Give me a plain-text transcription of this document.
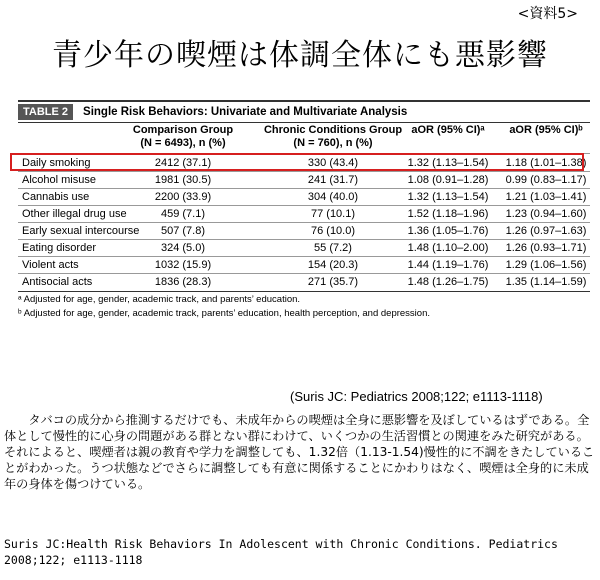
<資料5>
青少年の喫煙は体調全体にも悪影響
TABLE 2	Single Risk Behaviors: Univariate and Multivariate Analysis
Comparison Group
(N = 6493), n (%)
Chronic Conditions Group
(N = 760), n (%)
aOR (95% CI)ᵃ	aOR (95% CI)ᵇ
Daily smoking	2412 (37.1)	330 (43.4)	1.32 (1.13–1.54)	1.18 (1.01–1.38)
Alcohol misuse	1981 (30.5)	241 (31.7)	1.08 (0.91–1.28)	0.99 (0.83–1.17)
Cannabis use	2200 (33.9)	304 (40.0)	1.32 (1.13–1.54)	1.21 (1.03–1.41)
Other illegal drug use	459 (7.1)	77 (10.1)	1.52 (1.18–1.96)	1.23 (0.94–1.60)
Early sexual intercourse	507 (7.8)	76 (10.0)	1.36 (1.05–1.76)	1.26 (0.97–1.63)
Eating disorder	324 (5.0)	55 (7.2)	1.48 (1.10–2.00)	1.26 (0.93–1.71)
Violent acts	1032 (15.9)	154 (20.3)	1.44 (1.19–1.76)	1.29 (1.06–1.56)
Antisocial acts	1836 (28.3)	271 (35.7)	1.48 (1.26–1.75)	1.35 (1.14–1.59)
ᵃ Adjusted for age, gender, academic track, and parents’ education.
ᵇ Adjusted for age, gender, academic track, parents’ education, health perception, and depression.
(Suris JC: Pediatrics 2008;122; e1113-1118)
タバコの成分から推測するだけでも、未成年からの喫煙は全身に悪影響を及ぼしているはずである。全体として慢性的に心身の問題がある群とない群にわけて、いくつかの生活習慣との関連をみた研究がある。それによると、喫煙者は親の教育や学力を調整しても、1.32倍（1.13-1.54)慢性的に不調をきたしていることがわかった。うつ状態などでさらに調整しても有意に関係することにかわりはなく、喫煙は全身的に未成年の身体を傷つけている。
Suris JC:Health Risk Behaviors In Adolescent with Chronic Conditions. Pediatrics 2008;122; e1113-1118
